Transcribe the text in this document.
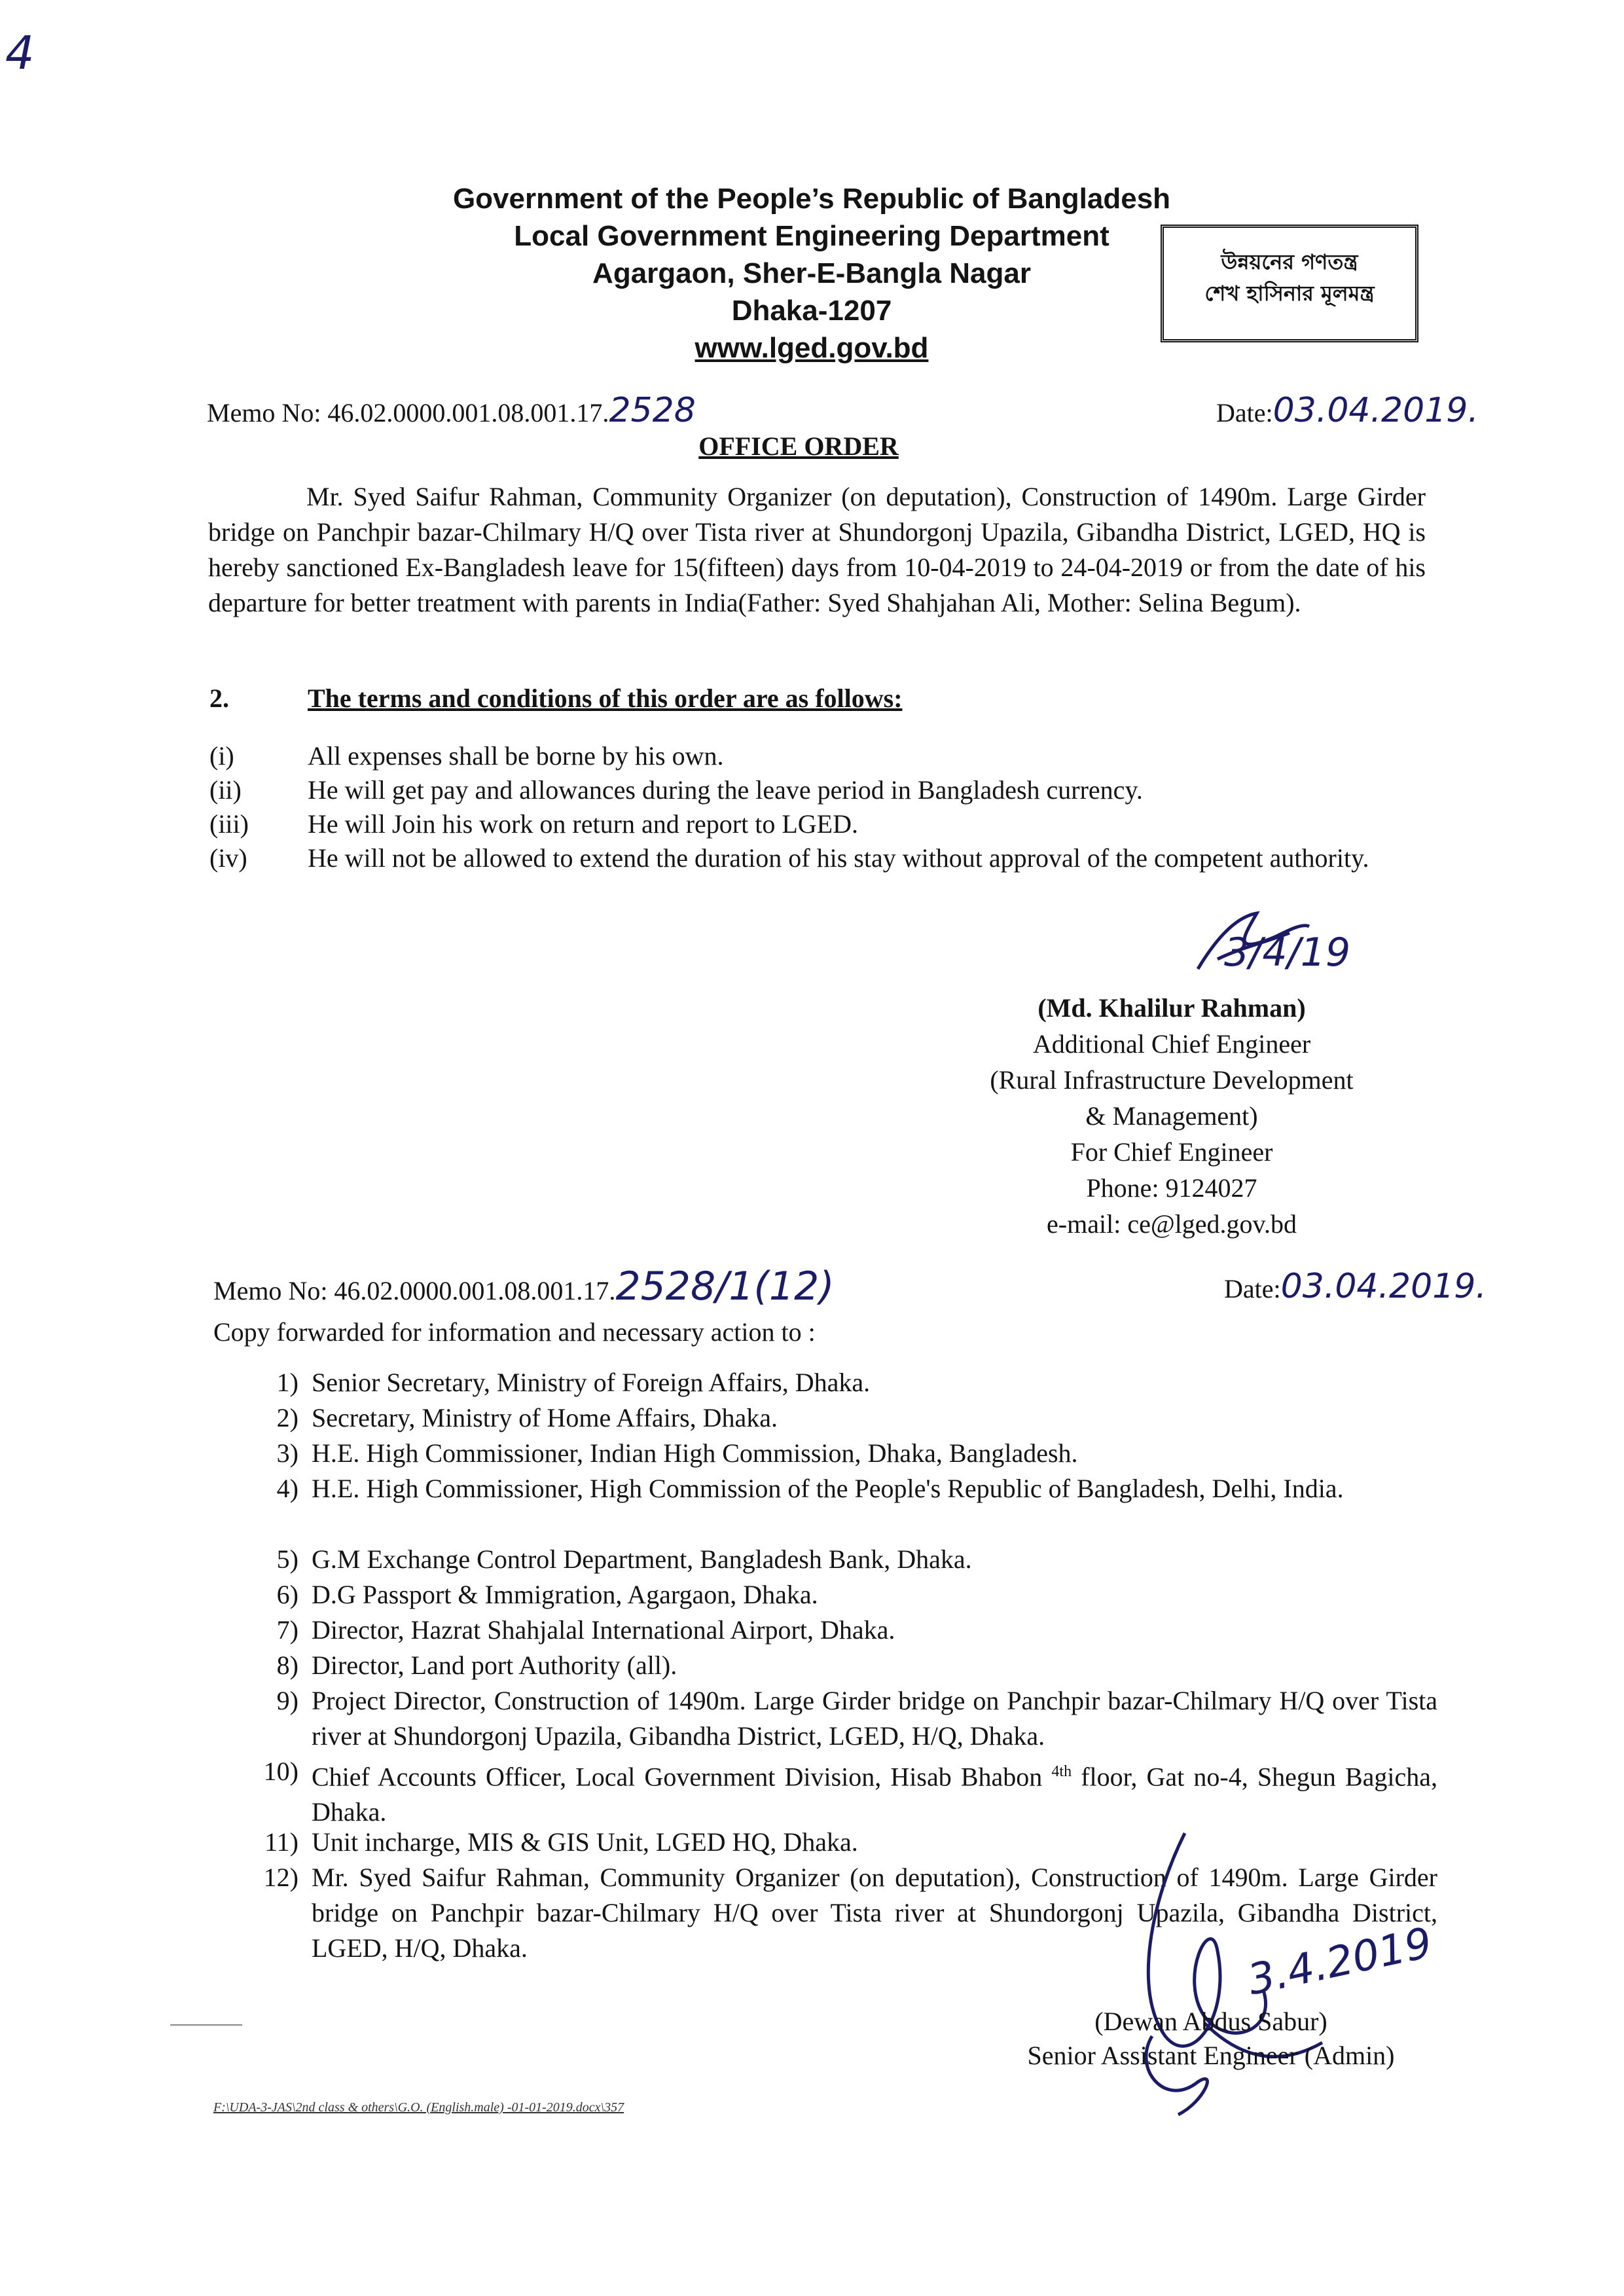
4
Government of the People’s Republic of Bangladesh
Local Government Engineering Department
Agargaon, Sher-E-Bangla Nagar
Dhaka-1207
www.lged.gov.bd
উন্নয়নের গণতন্ত্র
শেখ হাসিনার মূলমন্ত্র
Memo No: 46.02.0000.001.08.001.17.2528	Date:03.04.2019.
OFFICE ORDER
Mr. Syed Saifur Rahman, Community Organizer (on deputation), Construction of 1490m. Large Girder bridge on Panchpir bazar-Chilmary H/Q over Tista river at Shundorgonj Upazila, Gibandha District, LGED, HQ is hereby sanctioned Ex-Bangladesh leave for 15(fifteen) days from 10-04-2019 to 24-04-2019 or from the date of his departure for better treatment with parents in India(Father: Syed Shahjahan Ali, Mother: Selina Begum).
2.	The terms and conditions of this order are as follows:
(i)	All expenses shall be borne by his own.
(ii)	He will get pay and allowances during the leave period in Bangladesh currency.
(iii) He will Join his work on return and report to LGED.
(iv) He will not be allowed to extend the duration of his stay without approval of the competent authority.
3/4/19
(Md. Khalilur Rahman)
Additional Chief Engineer
(Rural Infrastructure Development
& Management)
For Chief Engineer
Phone: 9124027
e-mail: ce@lged.gov.bd
Memo No: 46.02.0000.001.08.001.17.2528/1(12)	Date:03.04.2019.
Copy forwarded for information and necessary action to :
1) Senior Secretary, Ministry of Foreign Affairs, Dhaka.
2) Secretary, Ministry of Home Affairs, Dhaka.
3) H.E. High Commissioner, Indian High Commission, Dhaka, Bangladesh.
4) H.E. High Commissioner, High Commission of the People's Republic of Bangladesh, Delhi, India.
5) G.M Exchange Control Department, Bangladesh Bank, Dhaka.
6) D.G Passport & Immigration, Agargaon, Dhaka.
7) Director, Hazrat Shahjalal International Airport, Dhaka.
8) Director, Land port Authority (all).
9) Project Director, Construction of 1490m. Large Girder bridge on Panchpir bazar-Chilmary H/Q over Tista river at Shundorgonj Upazila, Gibandha District, LGED, H/Q, Dhaka.
10) Chief Accounts Officer, Local Government Division, Hisab Bhabon $^{4th}$ floor, Gat no-4, Shegun Bagicha, Dhaka.
11) Unit incharge, MIS & GIS Unit, LGED HQ, Dhaka.
12) Mr. Syed Saifur Rahman, Community Organizer (on deputation), Construction of 1490m. Large Girder bridge on Panchpir bazar-Chilmary H/Q over Tista river at Shundorgonj Upazila, Gibandha District, LGED, H/Q, Dhaka.	3.4.2019
(Dewan Abdus Sabur)
Senior Assistant Engineer (Admin)
F:\UDA-3-JAS\2nd class & others\G.O. (English.male) -01-01-2019.docx\357
